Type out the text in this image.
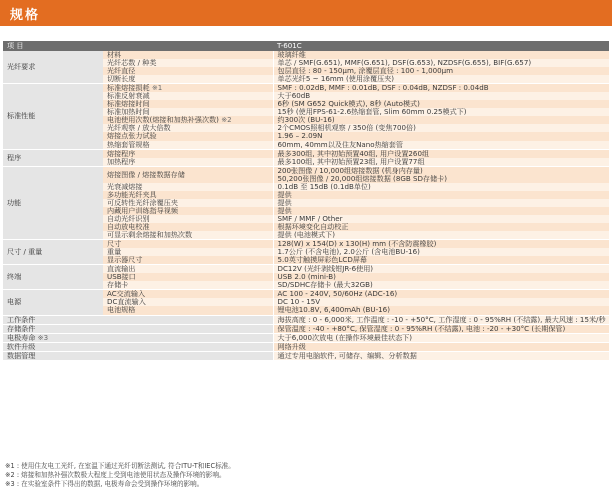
规格
项 目		T-601C
光纤要求	材料	玻璃纤维
	光纤芯数 / 种类	单芯 / SMF(G.651), MMF(G.651), DSF(G.653), NZDSF(G.655), BIF(G.657)
	光纤直径	包层直径 : 80 - 150μm, 涂覆层直径 : 100 - 1,000μm
	切断长度	单芯光纤5 ~ 16mm (使用涂覆压夹)
标准性能	标准熔接损耗 ※1	SMF : 0.02dB, MMF : 0.01dB, DSF : 0.04dB, NZDSF : 0.04dB
	标准反射衰减	大于60dB
	标准熔接时间	6秒 (SM G652 Quick模式), 8秒 (Auto模式)
	标准加热时间	15秒 (使用FPS-61-2.6热缩套管, Slim 60mm 0.25模式下)
	电池使用次数(熔接和加热补强次数) ※2	约300次 (BU-16)
	光纤观察 / 放大倍数	2个CMOS照相机观察 / 350倍 (变焦700倍)
	熔接点张力试验	1.96 – 2.09N
	热缩套管规格	60mm, 40mm以及住友Nano热缩套管
程序	熔接程序	最多300组, 其中初始预置40组, 用户设置260组
	加热程序	最多100组, 其中初始预置23组, 用户设置77组
功能	熔接图像 / 熔接数据存储	200张图像 / 10,000组熔接数据 (机身内存量)
		50,200张图像 / 20,000组熔接数据 (8GB SD存储卡)
	光衰减熔接	0.1dB 至 15dB (0.1dB单位)
	多功能光纤夹具	提供
	可反转性光纤涂覆压夹	提供
	内藏用户训练指导视频	提供
	自动光纤识别	SMF / MMF / Other
	自动放电校准	根据环境变化自动校正
	可显示剩余熔接和加热次数	提供 (电池模式下)
尺寸 / 重量	尺寸	128(W) x 154(D) x 130(H) mm (不含防震橡胶)
	重量	1.7公斤 (不含电池), 2.0公斤 (含电池BU-16)
	显示器尺寸	5.0英寸触摸屏彩色LCD屏幕
终端	直流输出	DC12V (光纤剥线钳JR-6使用)
	USB接口	USB 2.0 (mini-B)
	存储卡	SD/SDHC存储卡 (最大32GB)
电源	AC交流输入	AC 100 - 240V, 50/60Hz (ADC-16)
	DC直流输入	DC 10 - 15V
	电池规格	锂电池10.8V, 6,400mAh (BU-16)
工作条件		海拔高度 : 0 - 6,000米, 工作温度 : -10 - +50°C, 工作湿度 : 0 - 95%RH (不结露), 最大风速 : 15米/秒
存储条件		保管温度 : -40 - +80°C, 保管湿度 : 0 - 95%RH (不结露), 电池 : -20 - +30°C (长期保管)
电极寿命 ※3		大于6,000次放电 (在操作环境最佳状态下)
软件升级		网络升级
数据管理		通过专用电脑软件, 可储存、编辑、分析数据
※1 : 使用住友电工光纤, 在室温下通过光纤切断法测试, 符合ITU-T和IEC标准。
※2 : 熔接和加热补强次数极大程度上受到电池使用状态及操作环境的影响。
※3 : 在实验室条件下得出的数据, 电极寿命会受到操作环境的影响。
